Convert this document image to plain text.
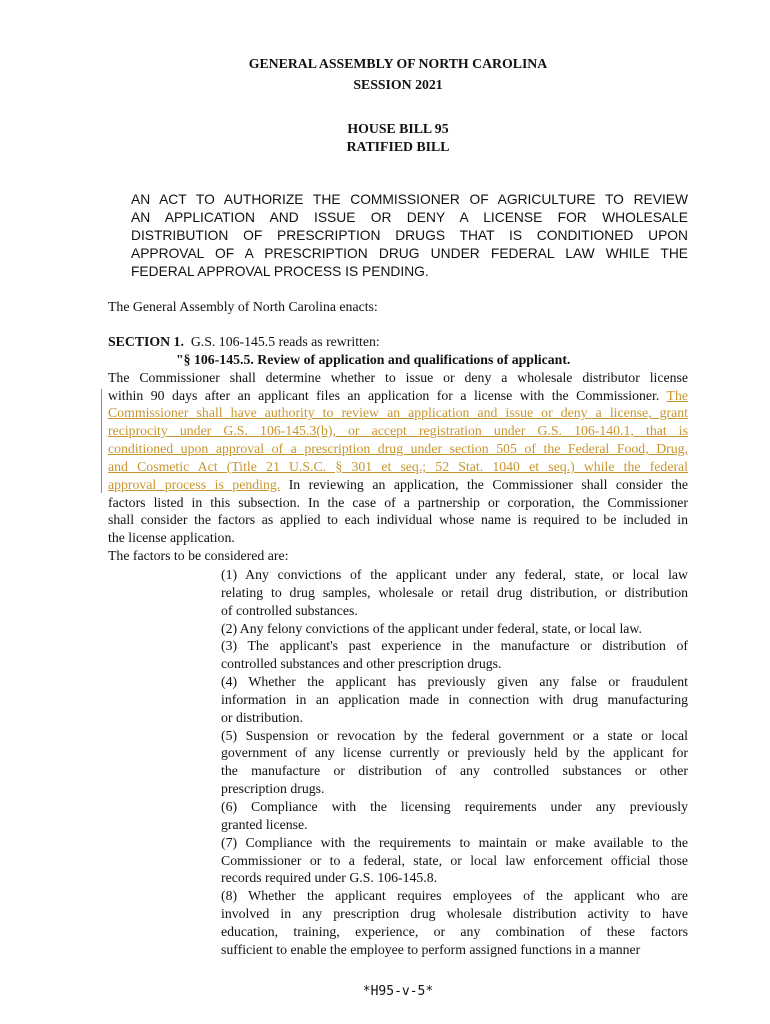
GENERAL ASSEMBLY OF NORTH CAROLINA
SESSION 2021
HOUSE BILL 95
RATIFIED BILL
AN ACT TO AUTHORIZE THE COMMISSIONER OF AGRICULTURE TO REVIEW
AN APPLICATION AND ISSUE OR DENY A LICENSE FOR WHOLESALE
DISTRIBUTION OF PRESCRIPTION DRUGS THAT IS CONDITIONED UPON
APPROVAL OF A PRESCRIPTION DRUG UNDER FEDERAL LAW WHILE THE
FEDERAL APPROVAL PROCESS IS PENDING.
The General Assembly of North Carolina enacts:
SECTION 1. G.S. 106-145.5 reads as rewritten:
"§ 106-145.5. Review of application and qualifications of applicant.
The Commissioner shall determine whether to issue or deny a wholesale distributor license
within 90 days after an applicant files an application for a license with the Commissioner. The
Commissioner shall have authority to review an application and issue or deny a license, grant
reciprocity under G.S. 106-145.3(b), or accept registration under G.S. 106-140.1, that is
conditioned upon approval of a prescription drug under section 505 of the Federal Food, Drug,
and Cosmetic Act (Title 21 U.S.C. § 301 et seq.; 52 Stat. 1040 et seq.) while the federal
approval process is pending. In reviewing an application, the Commissioner shall consider the
factors listed in this subsection. In the case of a partnership or corporation, the Commissioner
shall consider the factors as applied to each individual whose name is required to be included in
the license application.
The factors to be considered are:
(1) Any convictions of the applicant under any federal, state, or local law
relating to drug samples, wholesale or retail drug distribution, or distribution
of controlled substances.
(2) Any felony convictions of the applicant under federal, state, or local law.
(3) The applicant's past experience in the manufacture or distribution of
controlled substances and other prescription drugs.
(4) Whether the applicant has previously given any false or fraudulent
information in an application made in connection with drug manufacturing
or distribution.
(5) Suspension or revocation by the federal government or a state or local
government of any license currently or previously held by the applicant for
the manufacture or distribution of any controlled substances or other
prescription drugs.
(6) Compliance with the licensing requirements under any previously
granted license.
(7) Compliance with the requirements to maintain or make available to the
Commissioner or to a federal, state, or local law enforcement official those
records required under G.S. 106-145.8.
(8) Whether the applicant requires employees of the applicant who are
involved in any prescription drug wholesale distribution activity to have
education, training, experience, or any combination of these factors
sufficient to enable the employee to perform assigned functions in a manner
*H95-v-5*
